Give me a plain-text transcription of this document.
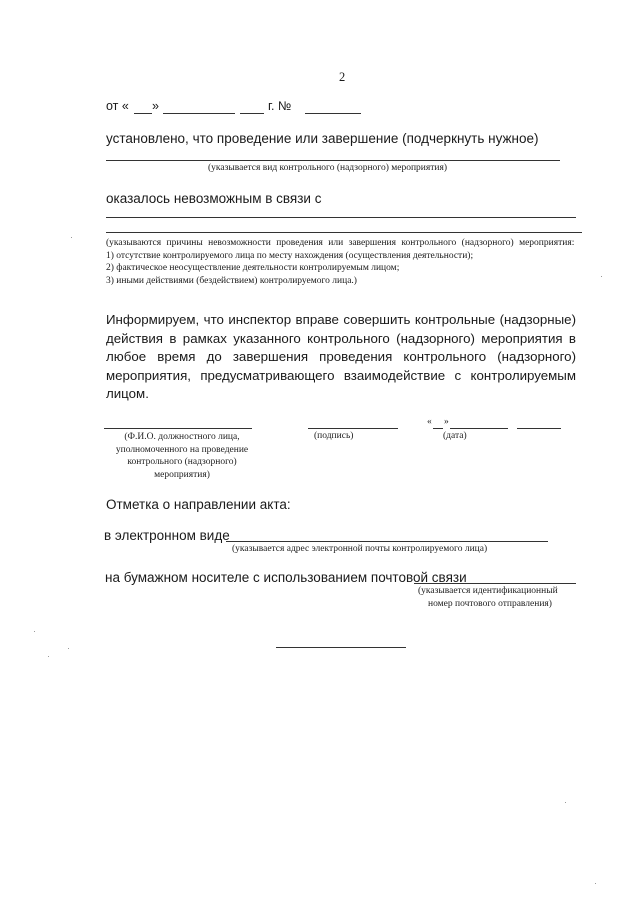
2
от « »	г. №
установлено, что проведение или завершение (подчеркнуть нужное)
(указывается вид контрольного (надзорного) мероприятия)
оказалось невозможным в связи с
(указываются причины невозможности проведения или завершения контрольного (надзорного) мероприятия:
1) отсутствие контролируемого лица по месту нахождения (осуществления деятельности);
2) фактическое неосуществление деятельности контролируемым лицом;
3) иными действиями (бездействием) контролируемого лица.)
Информируем, что инспектор вправе совершить контрольные (надзорные) действия в рамках указанного контрольного (надзорного) мероприятия в любое время до завершения проведения контрольного (надзорного) мероприятия, предусматривающего взаимодействие с контролируемым лицом.
(Ф.И.О. должностного лица, уполномоченного на проведение контрольного (надзорного) мероприятия)
(подпись)
« »
(дата)
Отметка о направлении акта:
в электронном виде
(указывается адрес электронной почты контролируемого лица)
на бумажном носителе с использованием почтовой связи
(указывается идентификационный
номер почтового отправления)
